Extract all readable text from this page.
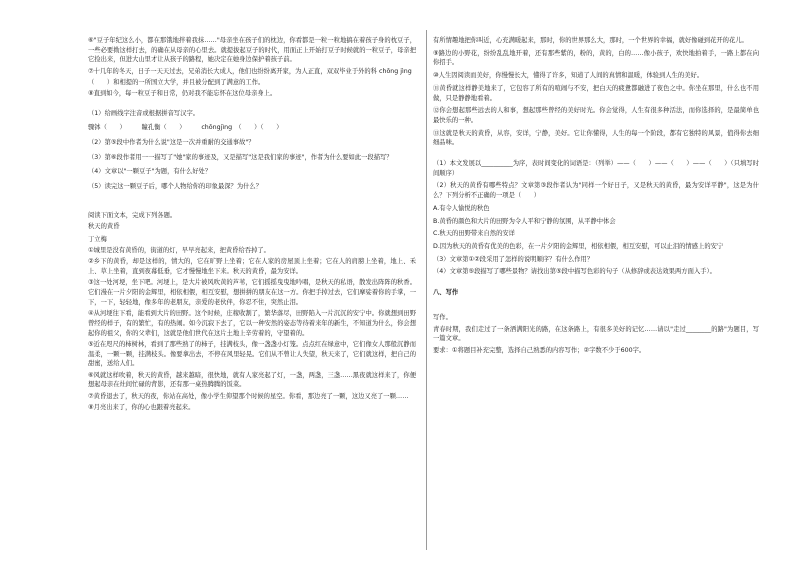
⑥"豆子年纪这么小，都在那饿地拌着我抹……"母亲坐在孩子们的枕边，你看都是一粒一粒地搞在着孩子身的枕豆子，一些必要拗这样打去，的确在从母亲的心里去。就提拔起豆子的时代，用面正上开始打豆子时候就的一粒豆子，母亲把它捡出来，但进大山里才让从孩子的路程，她决定在她身边保护着孩子前。

⑦十几年的冬天，日子一天天过去，兄弟消长大成人，他们也纷纷离开家，为人正直，双双毕业于外的科 chōng jìng

（　　）和相提的一所国立大学，并且被分配到了满意的工作。

⑧直到如今，每一粒豆子和日常，仍对我不能忘怀在这位母亲身上。

（1）给画线字注音或根据拼音写汉字。

骤钵（　　）　　　瞳孔衡（　　）　　　chōngjìng　（　　）（　　）

（2）第⑤段中作者为什么说"这是一次并重耐的交通事故"？

（3）第⑥段作者用一一描写了"她"家的事迹及，又是描写"这是我们家的事迹"，作者为什么要如此一段描写？

（4）文章以"一颗豆子"为题，有什么好处？

（5）读完这一颗豆子后，哪个人物给你的印象最深？为什么？

阅读下面文本，完成下列各题。

秋天的黄昏

丁立梅

①城里是没有黄昏的，街道的灯，早早亮起来，把黄昏给吞掉了。

②乡下的黄昏，却是这样的，情大的，它在旷野上坐着；它在人家的房屋顶上坐着；它在人的肩膀上坐着，地上、禾上、草上坐着，直到夜幕低垂，它才慢慢地坐下来。秋天的黄昏，最为安详。

③这一处河埂，坐下吧。河埂上，是大片被风吹黄的芦苇，它们摇摇曳曳地吟唱，是秋天的私语，散发出阵阵的秋香。它们漫在一片夕阳的金辉里，相依相偎，相互安慰，想拼拼的朋友在这一方。你把手掉过去，它们摩娑着你的手掌，一下，一下，轻轻地，像多年的老朋友，亲爱的老伙伴，你忍不住，突然止泪。

④从河埂往下看，能看到大片的田野。这个时候，庄稼收割了，繁华落尽，田野陷入一片沉沉的安宁中。你就想到田野曾经的样子，有的繁忙，有的热闹。如今沉寂下去了，它以一种安然的姿态等待着来年的新生，不知道为什么，你会想起你的祖父，你的父辈们，这就是他们世代在这片土地上辛劳着的，守望着的。

⑤近在咫尺的柿树林，看到了那些熟了的柿子，挂满枝头，像一盏盏小灯笼。点点红在绿意中，它们像女人那般沉静而温柔，一颗一颗，挂满枝头。像要拿出去，不停在风里轻晃。它们从不曾让人失望，秋天来了，它们就这样，把自己的甜蜜，送给人们。

⑥风就这样吹着，秋天的黄昏，越来越暗，很快地，就有人家亮起了灯，一盏，两盏，三盏……黑夜就这样来了，你便想起母亲在灶间忙碌的背影，还有那一桌热腾腾的饭菜。

⑦黄昏退去了，秋天的夜，你站在高处，像小学生仰望那个时候的星空。你看，那边亮了一颗，这边又亮了一颗……

⑧月亮出来了，你的心也跟着亮起来。

有所情趣地把你叫近，心充满暖起来，那时，你的世界那么大，那时，一个世界的幸福，就好像碰到花开的花儿。

⑨路边的小野花，纷纷乱乱地开着，还有那些紫的，粉的，黄的，白的……像小孩子，欢快地拍着手，一路上都在向你招手。

⑩人生因阅读而美好，你慢慢长大，懂得了许多，知道了人间的真情和温暖，体验到人生的美好。

⑪黄昏就这样静美地来了，它包容了所有的喧闹与不安，把白天的疲惫都融进了夜色之中。你坐在那里，什么也不用做，只是静静地看着。

⑫你会想起那些远去的人和事，想起那些曾经的美好时光。你会觉得，人生有很多种活法，而你选择的，是最简单也最快乐的一种。

⑬这就是秋天的黄昏，从容，安详，宁静，美好。它让你懂得，人生的每一个阶段，都有它独特的风景，值得你去细细品味。

（1）本文发展以__________为序，表时间变化的词语是：（列举）——（　　）——（　　）——（　　）（只填写时间顺序）

（2）秋天的黄昏有哪些特点？文章第③段作者认为"同样一个好日子，又是秋天的黄昏，最为安详平静"，这是为什么？下列分析不正确的一项是（　　）

A.有令人愉悦的秋色

B.黄昏的颜色和大片的田野为令人平和宁静的氛围，从平静中体会

C.秋天的田野带来自然的安详

D.因为秋天的黄昏有优美的色彩，在一片夕阳的金辉里，相依相偎，相互安慰，可以止泪的情感上的安宁

（3）文章第①②段采用了怎样的说明顺序？有什么作用？

（4）文章第⑤段描写了哪些景物？请找出第⑤段中描写色彩的句子（从修辞或表达效果两方面入手）。

八、写作

写作。

青春时期，我们走过了一条洒满阳光的路，在这条路上，有很多美好的记忆……请以"走过________的路"为题目，写一篇文章。

要求：①将题目补充完整，选择自己熟悉的内容写作；②字数不少于600字。
